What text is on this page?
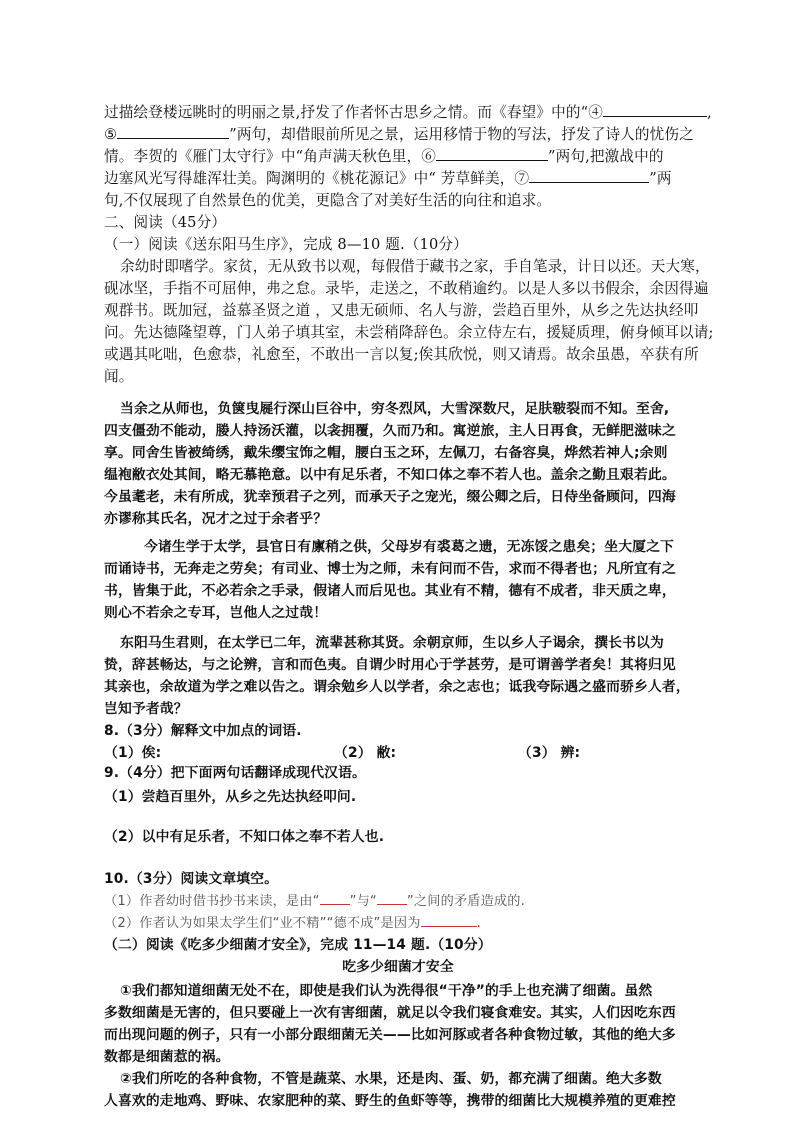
过描绘登楼远眺时的明丽之景,抒发了作者怀古思乡之情。而《春望》中的“④	,
⑤	”两句，却借眼前所见之景，运用移情于物的写法，抒发了诗人的忧伤之
情。李贺的《雁门太守行》中“角声满天秋色里，⑥	”两句,把激战中的
边塞风光写得雄浑壮美。陶渊明的《桃花源记》中“ 芳草鲜美，⑦	”两
句,不仅展现了自然景色的优美，更隐含了对美好生活的向往和追求。
二、阅读（45分）
（一）阅读《送东阳马生序》，完成 8—10 题.（10分）
余幼时即嗜学。家贫，无从致书以观，每假借于藏书之家，手自笔录，计日以还。天大寒，
砚冰坚，手指不可屈伸，弗之怠。录毕，走送之，不敢稍逾约。以是人多以书假余，余因得遍
观群书。既加冠，益慕圣贤之道 ，又患无硕师、名人与游，尝趋百里外，从乡之先达执经叩
问。先达德隆望尊，门人弟子填其室，未尝稍降辞色。余立侍左右，援疑质理，俯身倾耳以请;
或遇其叱咄，色愈恭，礼愈至，不敢出一言以复;俟其欣悦，则又请焉。故余虽愚，卒获有所
闻。
当余之从师也，负箧曳屣行深山巨谷中，穷冬烈风，大雪深数尺，足肤皲裂而不知。至舍,
四支僵劲不能动，媵人持汤沃灌，以衾拥覆，久而乃和。寓逆旅，主人日再食，无鲜肥滋味之
享。同舍生皆被绮绣，戴朱缨宝饰之帽，腰白玉之环，左佩刀，右备容臭，烨然若神人;余则
缊袍敝衣处其间，略无慕艳意。以中有足乐者，不知口体之奉不若人也。盖余之勤且艰若此。
今虽耄老，未有所成，犹幸预君子之列，而承天子之宠光，缀公卿之后，日侍坐备顾问，四海
亦谬称其氏名，况才之过于余者乎？
今诸生学于太学，县官日有廪稍之供，父母岁有裘葛之遗，无冻馁之患矣；坐大厦之下
而诵诗书，无奔走之劳矣；有司业、博士为之师，未有问而不告，求而不得者也；凡所宜有之
书，皆集于此，不必若余之手录，假诸人而后见也。其业有不精，德有不成者，非天质之卑，
则心不若余之专耳，岂他人之过哉！
东阳马生君则，在太学已二年，流辈甚称其贤。余朝京师，生以乡人子谒余，撰长书以为
贽，辞甚畅达，与之论辨，言和而色夷。自谓少时用心于学甚劳，是可谓善学者矣！其将归见
其亲也，余故道为学之难以告之。谓余勉乡人以学者，余之志也；诋我夸际遇之盛而骄乡人者，
岂知予者哉？
8.（3分）解释文中加点的词语.
（1）俟:	（2） 敝:	（3） 辨:
9.（4分）把下面两句话翻译成现代汉语。
（1）尝趋百里外，从乡之先达执经叩问.
（2）以中有足乐者，不知口体之奉不若人也.
10.（3分）阅读文章填空。
（1）作者幼时借书抄书来读，是由“ ”与“ ”之间的矛盾造成的.
（2）作者认为如果太学生们“业不精”“德不成”是因为	.
（二）阅读《吃多少细菌才安全》，完成 11—14 题.（10分）
吃多少细菌才安全
①我们都知道细菌无处不在，即使是我们认为洗得很“干净”的手上也充满了细菌。虽然
多数细菌是无害的，但只要碰上一次有害细菌，就足以令我们寝食难安。其实，人们因吃东西
而出现问题的例子，只有一小部分跟细菌无关——比如河豚或者各种食物过敏，其他的绝大多
数都是细菌惹的祸。
②我们所吃的各种食物，不管是蔬菜、水果，还是肉、蛋、奶，都充满了细菌。绝大多数
人喜欢的走地鸡、野味、农家肥种的菜、野生的鱼虾等等，携带的细菌比大规模养殖的更难控
